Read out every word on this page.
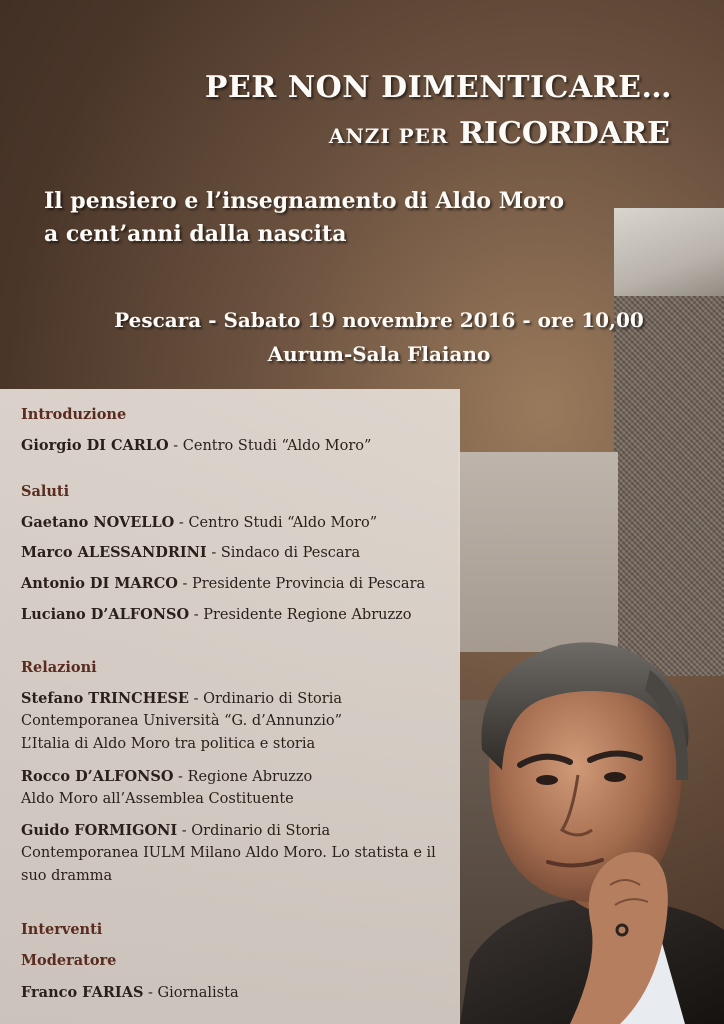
PER NON DIMENTICARE…
ANZI PER RICORDARE
Il pensiero e l’insegnamento di Aldo Moro
a cent’anni dalla nascita
Pescara - Sabato 19 novembre 2016 - ore 10,00
Aurum-Sala Flaiano
Introduzione
Giorgio DI CARLO - Centro Studi “Aldo Moro”
Saluti
Gaetano NOVELLO - Centro Studi “Aldo Moro”
Marco ALESSANDRINI - Sindaco di Pescara
Antonio DI MARCO - Presidente Provincia di Pescara
Luciano D’ALFONSO - Presidente Regione Abruzzo
Relazioni
Stefano TRINCHESE - Ordinario di Storia
Contemporanea Università “G. d’Annunzio”
L’Italia di Aldo Moro tra politica e storia
Rocco D’ALFONSO - Regione Abruzzo
Aldo Moro all’Assemblea Costituente
Guido FORMIGONI - Ordinario di Storia
Contemporanea IULM Milano Aldo Moro. Lo statista e il
suo dramma
Interventi
Moderatore
Franco FARIAS - Giornalista
